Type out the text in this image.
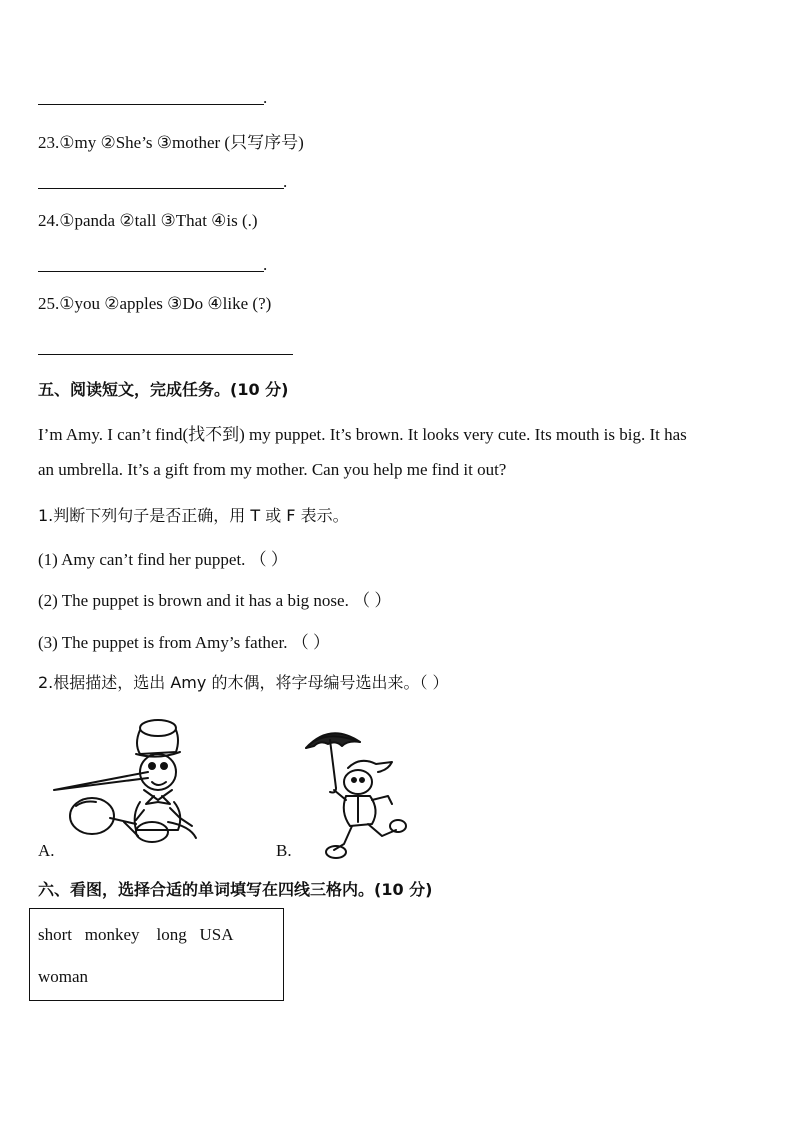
.
23.①my ②She’s ③mother (只写序号)
.
24.①panda ②tall ③That ④is (.)
.
25.①you ②apples ③Do ④like (?)
五、阅读短文，完成任务。(10 分)
I’m Amy. I can’t find(找不到) my puppet. It’s brown. It looks very cute. Its mouth is big. It has
an umbrella. It’s a gift from my mother. Can you help me find it out?
1.判断下列句子是否正确，用 T 或 F 表示。
(1) Amy can’t find her puppet. （ ）
(2) The puppet is brown and it has a big nose. （ ）
(3) The puppet is from Amy’s father. （ ）
2.根据描述，选出 Amy 的木偶，将字母编号选出来。（ ）
A.	B.
六、看图，选择合适的单词填写在四线三格内。(10 分)
short   monkey    long   USA
woman
